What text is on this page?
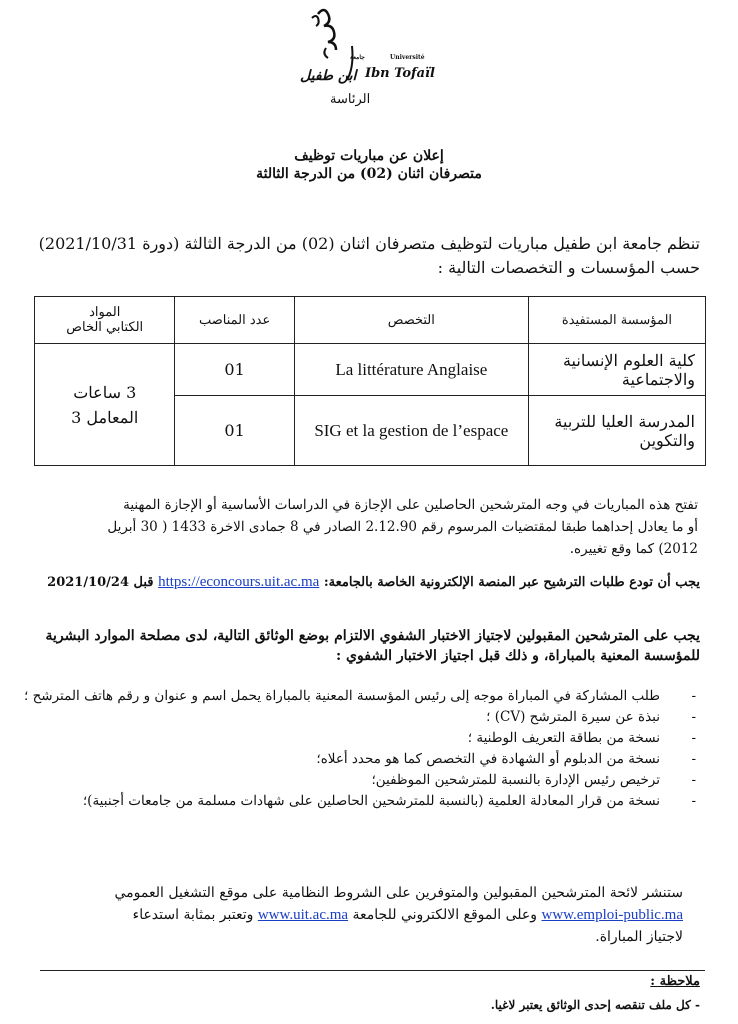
جامعة	Université
ابن طفيل Ibn Tofaïl
الرئاسة
إعلان عن مباريات توظيف
متصرفان اثنان (02) من الدرجة الثالثة
تنظم جامعة ابن طفيل مباريات لتوظيف متصرفان اثنان (02) من الدرجة الثالثة (دورة 2021/10/31)
حسب المؤسسات و التخصصات التالية :
المؤسسة المستفيدة	التخصص	عدد المناصب	المواد
الكتابي الخاص
كلية العلوم الإنسانية والاجتماعية	La littérature Anglaise	01	3 ساعات
المعامل 3

المدرسة العليا للتربية والتكوين	SIG et la gestion de l’espace	01	
تفتح هذه المباريات في وجه المترشحين الحاصلين على الإجازة في الدراسات الأساسية أو الإجازة المهنية
أو ما يعادل إحداهما طبقا لمقتضيات المرسوم رقم 2.12.90 الصادر في 8 جمادى الاخرة 1433 ( 30 أبريل
2012) كما وقع تغييره.
يجب أن تودع طلبات الترشيح عبر المنصة الإلكترونية الخاصة بالجامعة: https://econcours.uit.ac.ma قبل 2021/10/24
يجب على المترشحين المقبولين لاجتياز الاختبار الشفوي الالتزام بوضع الوثائق التالية، لدى مصلحة الموارد البشرية
للمؤسسة المعنية بالمباراة، و ذلك قبل اجتياز الاختبار الشفوي :
-
طلب المشاركة في المباراة موجه إلى رئيس المؤسسة المعنية بالمباراة يحمل اسم و عنوان و رقم هاتف المترشح ؛
-
نبذة عن سيرة المترشح (CV) ؛
-
نسخة من بطاقة التعريف الوطنية ؛
-
نسخة من الدبلوم أو الشهادة في التخصص كما هو محدد أعلاه؛
-
ترخيص رئيس الإدارة بالنسبة للمترشحين الموظفين؛
-
نسخة من قرار المعادلة العلمية (بالنسبة للمترشحين الحاصلين على شهادات مسلمة من جامعات أجنبية)؛
ستنشر لائحة المترشحين المقبولين والمتوفرين على الشروط النظامية على موقع التشغيل العمومي
www.emploi-public.ma وعلى الموقع الالكتروني للجامعة www.uit.ac.ma وتعتبر بمثابة استدعاء
لاجتياز المباراة.
ملاحظة :
- كل ملف تنقصه إحدى الوثائق يعتبر لاغيا.
